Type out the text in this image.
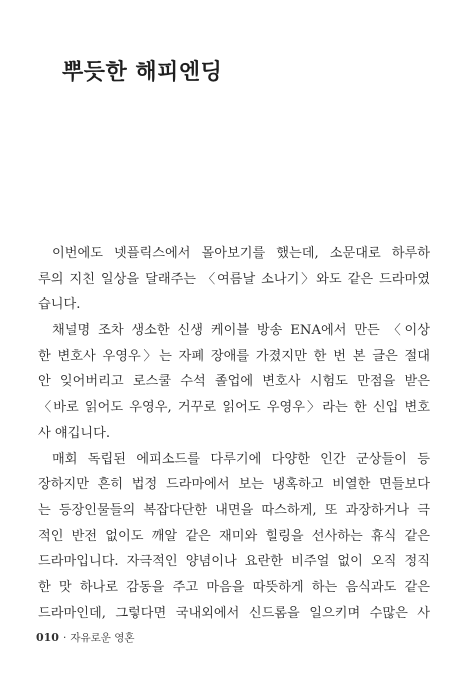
뿌듯한 해피엔딩
이번에도 넷플릭스에서 몰아보기를 했는데, 소문대로 하루하
루의 지친 일상을 달래주는 〈여름날 소나기〉와도 같은 드라마였
습니다.
채널명 조차 생소한 신생 케이블 방송 ENA에서 만든 〈이상
한 변호사 우영우〉는 자폐 장애를 가졌지만 한 번 본 글은 절대
안 잊어버리고 로스쿨 수석 졸업에 변호사 시험도 만점을 받은
〈바로 읽어도 우영우, 거꾸로 읽어도 우영우〉라는 한 신입 변호
사 얘깁니다.
매회 독립된 에피소드를 다루기에 다양한 인간 군상들이 등
장하지만 흔히 법정 드라마에서 보는 냉혹하고 비열한 면들보다
는 등장인물들의 복잡다단한 내면을 따스하게, 또 과장하거나 극
적인 반전 없이도 깨알 같은 재미와 힐링을 선사하는 휴식 같은
드라마입니다. 자극적인 양념이나 요란한 비주얼 없이 오직 정직
한 맛 하나로 감동을 주고 마음을 따뜻하게 하는 음식과도 같은
드라마인데, 그렇다면 국내외에서 신드롬을 일으키며 수많은 사
010 · 자유로운 영혼
